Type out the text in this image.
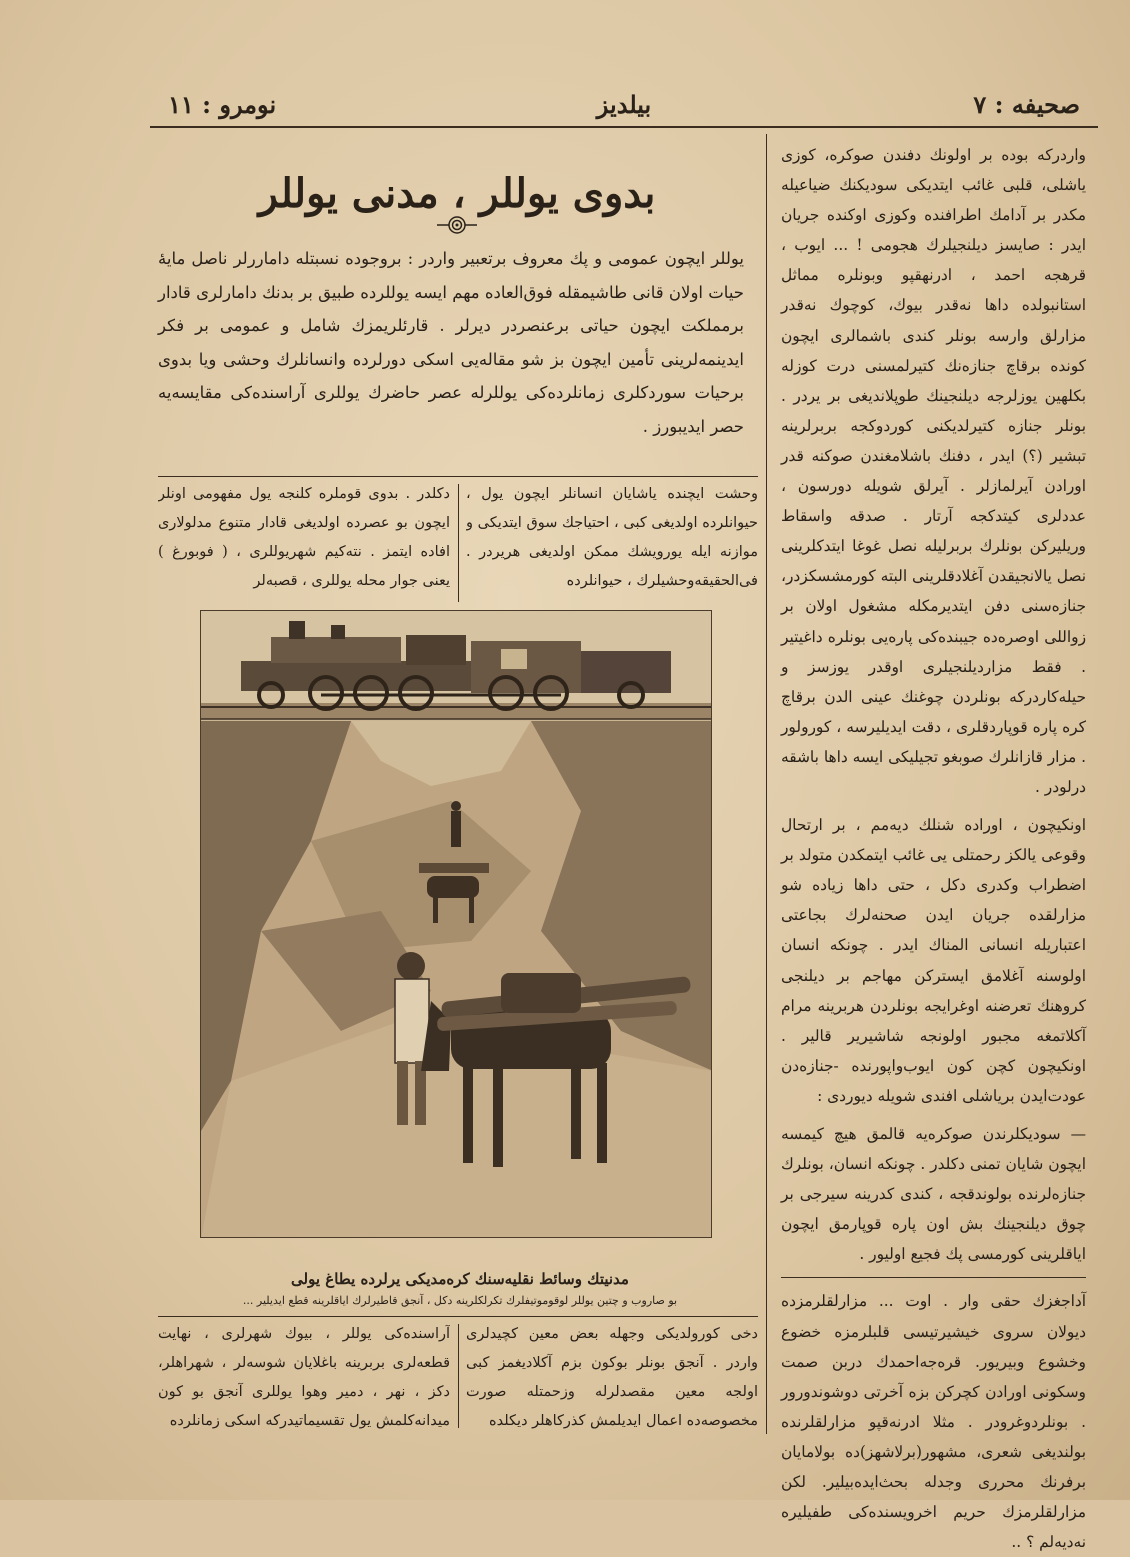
نومرو : ١١	بیلدیز	صحیفه : ٧

واردرکه بوده بر اولونك دفندن صوکره، کوزی یاشلی، قلبی غائب ایتدیکی سودیکنك ضیاعیله مکدر بر آدامك اطرافنده وکوزی اوکنده جریان ایدر : صایسز دیلنجیلرك هجومی ! ... ایوب ، قرهجه احمد ، ادرنهقپو وبونلره مماثل استانبولده داها نه‌قدر بیوك، کوچوك نه‌قدر مزارلق وارسه بونلر کندی باشمالری ایچون کونده برقاچ جنازه‌نك کتیرلمسنی درت کوزله بکلهین یوزلرجه دیلنجینك طوپلاندیغی بر یردر . بونلر جنازه کتیرلدیکنی کوردوکجه بربرلرینه تبشیر (؟) ایدر ، دفنك باشلامغندن صوکنه قدر اورادن آیرلمازلر . آیرلق شویله دورسون ، عددلری کیتدکجه آرتار . صدقه واسقاط وریلیرکن بونلرك بربرلیله نصل غوغا ایتدکلرینی نصل یالانجیقدن آغلادقلرینی البته کورمشسکزدر، جنازه‌سنی دفن ایتدیرمکله مشغول اولان بر زواللی اوصره‌ده جیبنده‌کی پاره‌یی بونلره داغیتیر . فقط مزاردیلنجیلری اوقدر یوزسز و حیله‌کاردرکه بونلردن چوغنك عینی الدن برقاچ کره پاره قوپاردقلری ، دقت ایدیلیرسه ، کورولور . مزار قازانلرك صوبغو تجیلیکی ایسه داها باشقه درلودر .

اونکیچون ، اوراده شنلك دیه‌مم ، بر ارتحال وقوعی یالکز رحمتلی یی غائب ایتمکدن متولد بر اضطراب وکدری دکل ، حتی داها زیاده شو مزارلقده جریان ایدن صحنه‌لرك بجاعتی اعتباریله انسانی المناك ایدر . چونکه انسان اولوسنه آغلامق ایسترکن مهاجم بر دیلنجی کروهنك تعرضنه اوغرایجه بونلردن هربرینه مرام آکلاتمغه مجبور اولونجه شاشیریر قالیر . اونکیچون کچن کون ایوب‌واپورنده -جنازه‌دن عودت‌ایدن بریاشلی افندی شویله دیوردی :

— سودیکلرندن صوکره‌یه قالمق هیچ کیمسه ایچون شایان تمنی دکلدر . چونکه انسان، بونلرك جنازه‌لرنده بولوندقجه ، کندی کدرینه سیرجی بر چوق دیلنجینك بش اون پاره قوپارمق ایچون ایاقلرینی کورمسی پك فجیع اولیور .

آداجغزك حقی وار . اوت ... مزارلقلرمزده دیولان سروی خیشیرتیسی قلبلرمزه خضوع وخشوع وبیریور. قره‌جه‌احمدك دربن صمت وسکونی اورادن کچرکن بزه آخرتی دوشوندورور . بونلردوغرودر . مثلا ادرنه‌قپو مزارلقلرنده بولندیغی شعری، مشهور(برلاشهز)ده بولامایان برفرنك محرری وجدله بحث‌ایده‌بیلیر. لکن مزارلقلرمزك حریم اخرویسنده‌کی طفیلیره نه‌دیه‌لم ؟ ..

بدوی یوللر ، مدنی یوللر

یوللر ایچون عمومی و پك معروف برتعبیر واردر : بروجوده نسبتله داماررلر ناصل مایهٔ حیات اولان قانی طاشیمقله فوق‌العاده مهم ایسه یوللرده طبیق بر بدنك دامارلری قادار برمملکت ایچون حیاتی برعنصردر دیرلر . قارئلریمزك شامل و عمومی بر فکر ایدینمه‌لرینی تأمین ایچون بز شو مقاله‌یی اسکی دورلرده وانسانلرك وحشی ویا بدوی برحیات سوردکلری زمانلرده‌کی یوللرله عصر حاضرك یوللری آراسنده‌کی مقایسه‌یه حصر ایدیبورز .

وحشت ایچنده یاشایان انسانلر ایچون یول ، حیوانلرده اولدیغی کبی ، احتیاجك سوق ایتدیکی و موازنه ایله یورویشك ممکن اولدیغی هریردر . فی‌الحقیقه‌وحشیلرك ، حیوانلرده

دکلدر . بدوی قوملره کلنجه یول مفهومی اونلر ایچون بو عصرده اولدیغی قادار متنوع مدلولاری افاده ایتمز . نته‌کیم شهریوللری ، ( فوبورغ ) یعنی جوار محله یوللری ، قصبه‌لر

مدنیتك وسائط نقلیه‌سنك کره‌مدیکی یرلرده یطاغ یولی
بو صاروب و چتین یوللر لوقوموتیفلرك تکرلکلرینه دکل ، آنجق قاطیرلرك ایاقلرینه قطع ایدیلیر ...

دخی کورولدیکی وجهله بعض معین کچیدلری واردر . آنجق بونلر بوکون بزم آکلادیغمز کبی اولجه معین مقصدلرله وزحمتله صورت مخصوصه‌ده اعمال ایدیلمش کذرکاهلر دیکلده

آراسنده‌کی یوللر ، بیوك شهرلری ، نهایت قطعه‌لری بربرینه باغلایان شوسه‌لر ، شهراهلر، دکز ، نهر ، دمیر وهوا یوللری آنجق بو کون میدانه‌کلمش یول تقسیماتیدرکه اسکی زمانلرده
